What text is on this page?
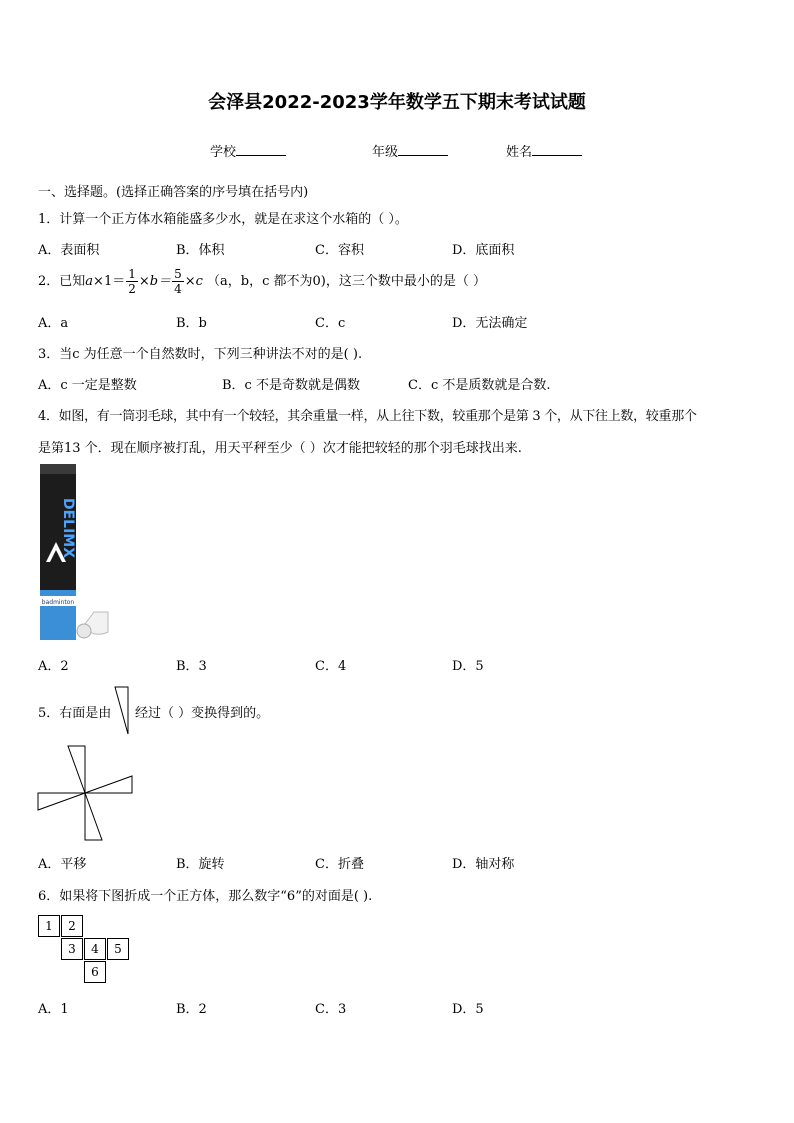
会泽县2022-2023学年数学五下期末考试试题
学校	年级	姓名
一、选择题。(选择正确答案的序号填在括号内)
1．计算一个正方体水箱能盛多少水，就是在求这个水箱的（ ）。
A．表面积	B．体积	C．容积	D．底面积
2．已知$a\times 1= \frac{1}{2} \times b= \frac{5}{4} \times c$ （a，b，c 都不为0)，这三个数中最小的是（ ）
A．a	B．b	C．c	D．无法确定
3．当c 为任意一个自然数时，下列三种讲法不对的是( ).
A．c 一定是整数	B．c 不是奇数就是偶数	C．c 不是质数就是合数.
4．如图，有一筒羽毛球，其中有一个较轻，其余重量一样，从上往下数，较重那个是第 3 个，从下往上数，较重那个
是第13 个．现在顺序被打乱，用天平秤至少（ ）次才能把较轻的那个羽毛球找出来.
DELIMX
badminton
A．2	B．3	C．4	D．5
5．右面是由 经过（ ）变换得到的。
A．平移	B．旋转	C．折叠	D．轴对称
6．如果将下图折成一个正方体，那么数字“6”的对面是( ).
1	2
3	4	5
6
A．1	B．2	C．3	D．5
